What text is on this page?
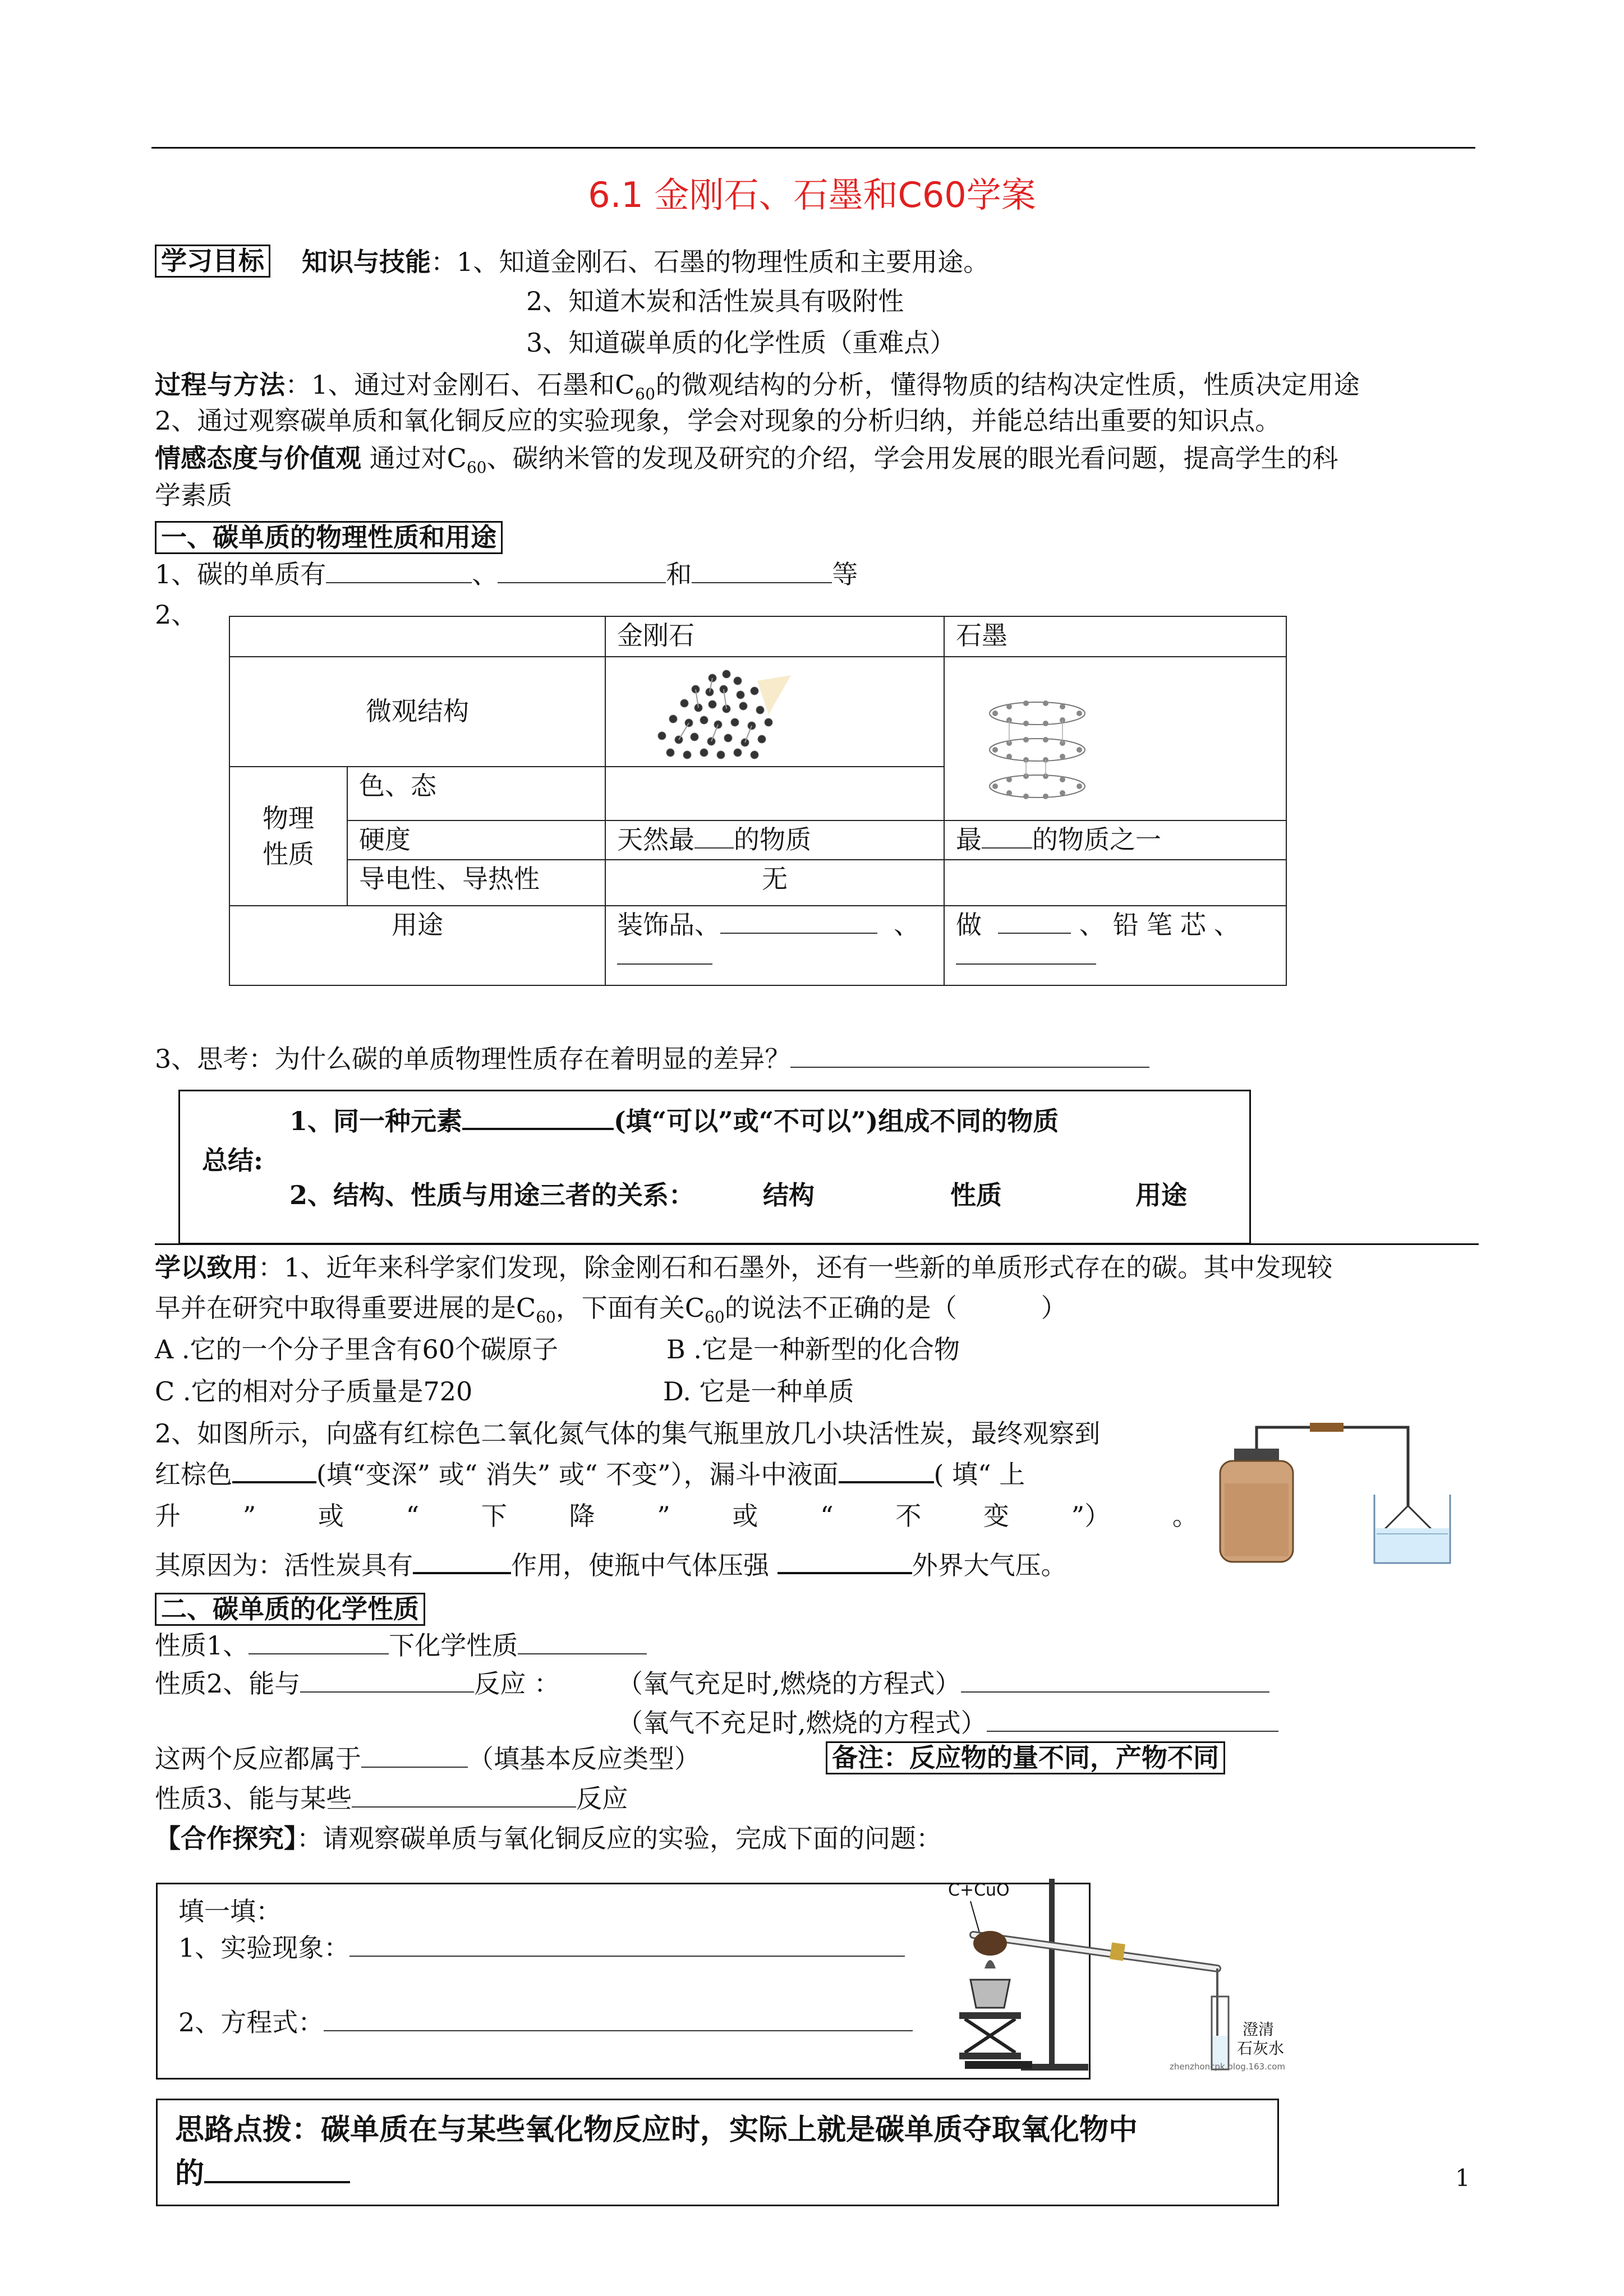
6.1 金刚石、石墨和C60学案
学习目标 知识与技能：1、知道金刚石、石墨的物理性质和主要用途。
2、知道木炭和活性炭具有吸附性
3、知道碳单质的化学性质（重难点）
过程与方法：1、通过对金刚石、石墨和$C_{60}$的微观结构的分析，懂得物质的结构决定性质，性质决定用途
2、通过观察碳单质和氧化铜反应的实验现象，学会对现象的分析归纳，并能总结出重要的知识点。
情感态度与价值观 通过对$C_{60}$、碳纳米管的发现及研究的介绍，学会用发展的眼光看问题，提高学生的科
学素质
一、碳单质的物理性质和用途
1、碳的单质有	、	和	等
2、
		金刚石	石墨
微观结构	

物理性质	色、态		
	硬度	天然最 的物质	最 的物质之一
	导电性、导热性	无	
用途		装饰品、 、	做 、铅笔芯、

3、思考：为什么碳的单质物理性质存在着明显的差异？
1、同一种元素	(填“可以”或“不可以”)组成不同的物质
总结:
2、结构、性质与用途三者的关系：	结构	性质	用途
学以致用：1、近年来科学家们发现，除金刚石和石墨外，还有一些新的单质形式存在的碳。其中发现较
早并在研究中取得重要进展的是$C_{60}$，下面有关$C_{60}$的说法不正确的是（	）
A .它的一个分子里含有60个碳原子	B .它是一种新型的化合物
C .它的相对分子质量是720	D. 它是一种单质
2、如图所示，向盛有红棕色二氧化氮气体的集气瓶里放几小块活性炭，最终观察到
红棕色	(填“变深” 或“ 消失” 或“ 不变”），漏斗中液面	( 填“ 上
升 ” 或 “ 下 降 ” 或 “ 不 变 ”） 。
其原因为：活性炭具有	作用，使瓶中气体压强	外界大气压。
二、碳单质的化学性质
性质1、	下化学性质
性质2、能与	反应 ： （氧气充足时,燃烧的方程式）
（氧气不充足时,燃烧的方程式）
这两个反应都属于	（填基本反应类型）	备注：反应物的量不同，产物不同
性质3、能与某些	反应
【合作探究】：请观察碳单质与氧化铜反应的实验，完成下面的问题：
填一填：
1、实验现象：
2、方程式：
C+CuO
澄清
石灰水
zhenzhoncpk.blog.163.com
思路点拨：碳单质在与某些氧化物反应时，实际上就是碳单质夺取氧化物中
的	1
